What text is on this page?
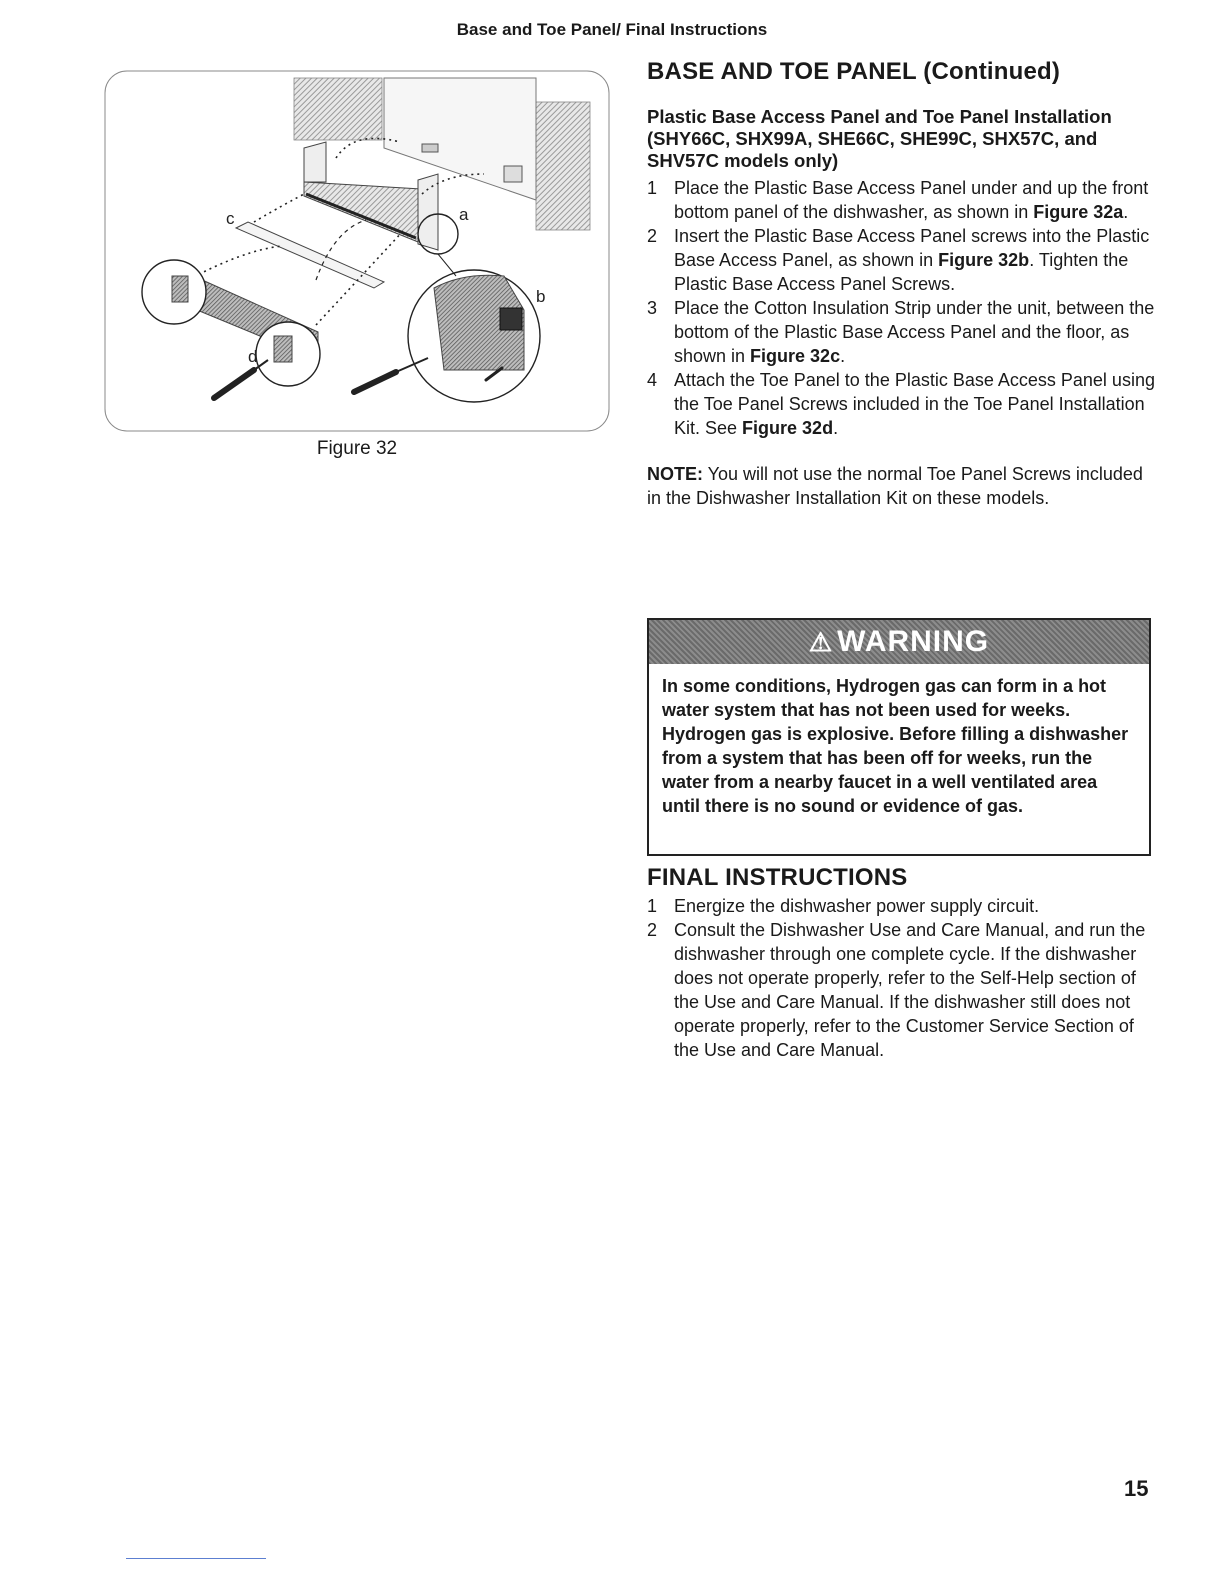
Base and Toe Panel/ Final Instructions
c	a
b
d
Figure 32
BASE AND TOE PANEL (Continued)

Plastic Base Access Panel and Toe Panel Installation (SHY66C, SHX99A, SHE66C, SHE99C, SHX57C, and SHV57C models only)

1 Place the Plastic Base Access Panel under and up the front bottom panel of the dishwasher, as shown in Figure 32a.
2 Insert the Plastic Base Access Panel screws into the Plastic Base Access Panel, as shown in Figure 32b. Tighten the Plastic Base Access Panel Screws.
3 Place the Cotton Insulation Strip under the unit, between the bottom of the Plastic Base Access Panel and the floor, as shown in Figure 32c.
4 Attach the Toe Panel to the Plastic Base Access Panel using the Toe Panel Screws included in the Toe Panel Installation Kit. See Figure 32d.

NOTE: You will not use the normal Toe Panel Screws included in the Dishwasher Installation Kit on these models.

⚠ WARNING
In some conditions, Hydrogen gas can form in a hot water system that has not been used for weeks. Hydrogen gas is explosive. Before filling a dishwasher from a system that has been off for weeks, run the water from a nearby faucet in a well ventilated area until there is no sound or evidence of gas.
FINAL INSTRUCTIONS
1 Energize the dishwasher power supply circuit.
2 Consult the Dishwasher Use and Care Manual, and run the dishwasher through one complete cycle. If the dishwasher does not operate properly, refer to the Self-Help section of the Use and Care Manual. If the dishwasher still does not operate properly, refer to the Customer Service Section of the Use and Care Manual.
15
